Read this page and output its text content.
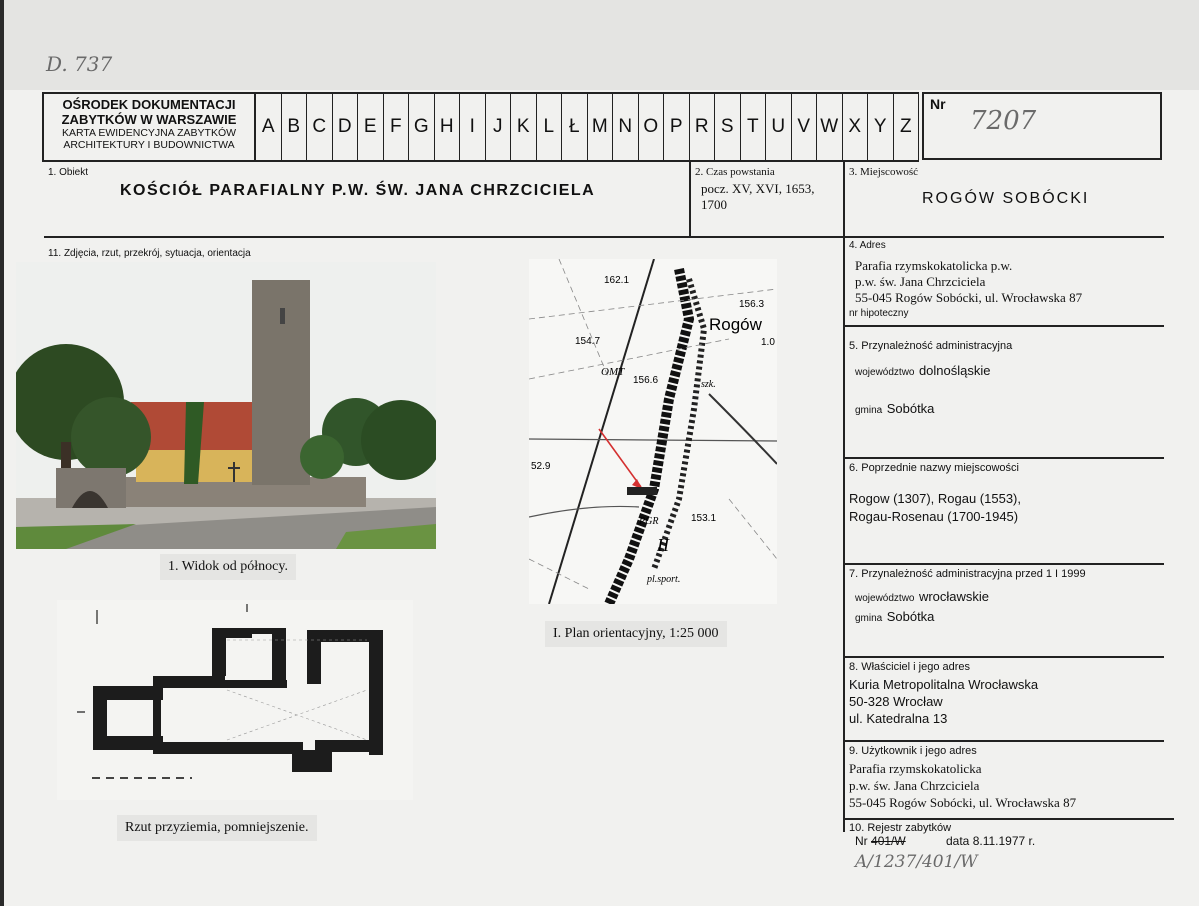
D. 737
OŚRODEK DOKUMENTACJI
ZABYTKÓW W WARSZAWIE
KARTA EWIDENCYJNA ZABYTKÓW
ARCHITEKTURY I BUDOWNICTWA
A B C D E F G H I J K L Ł M N O P R S T U V W X Y Z
Nr
7207
1. Obiekt
KOŚCIÓŁ PARAFIALNY P.W. ŚW. JANA CHRZCICIELA
2. Czas powstania
pocz. XV, XVI, 1653,
1700
3. Miejscowość
ROGÓW SOBÓCKI
11. Zdjęcia, rzut, przekrój, sytuacja, orientacja
1. Widok od północy.
162.1
156.3
Rogów
1.0
154.7
OMT
156.6	szk.
52.9
PGR	153.1
II
pl.sport.
I. Plan orientacyjny, 1:25 000
Rzut przyziemia, pomniejszenie.
4. Adres
Parafia rzymskokatolicka p.w.
p.w. św. Jana Chrzciciela
55-045 Rogów Sobócki, ul. Wrocławska 87
nr hipoteczny
5. Przynależność administracyjna
województwo dolnośląskie
gmina Sobótka
6. Poprzednie nazwy miejscowości
Rogow (1307), Rogau (1553),
Rogau-Rosenau (1700-1945)
7. Przynależność administracyjna przed 1 I 1999
województwo wrocławskie
gmina Sobótka
8. Właściciel i jego adres
Kuria Metropolitalna Wrocławska
50-328 Wrocław
ul. Katedralna 13
9. Użytkownik i jego adres
Parafia rzymskokatolicka
p.w. św. Jana Chrzciciela
55-045 Rogów Sobócki, ul. Wrocławska 87
10. Rejestr zabytków
Nr 401/W	data 8.11.1977 r.
A/1237/401/W
